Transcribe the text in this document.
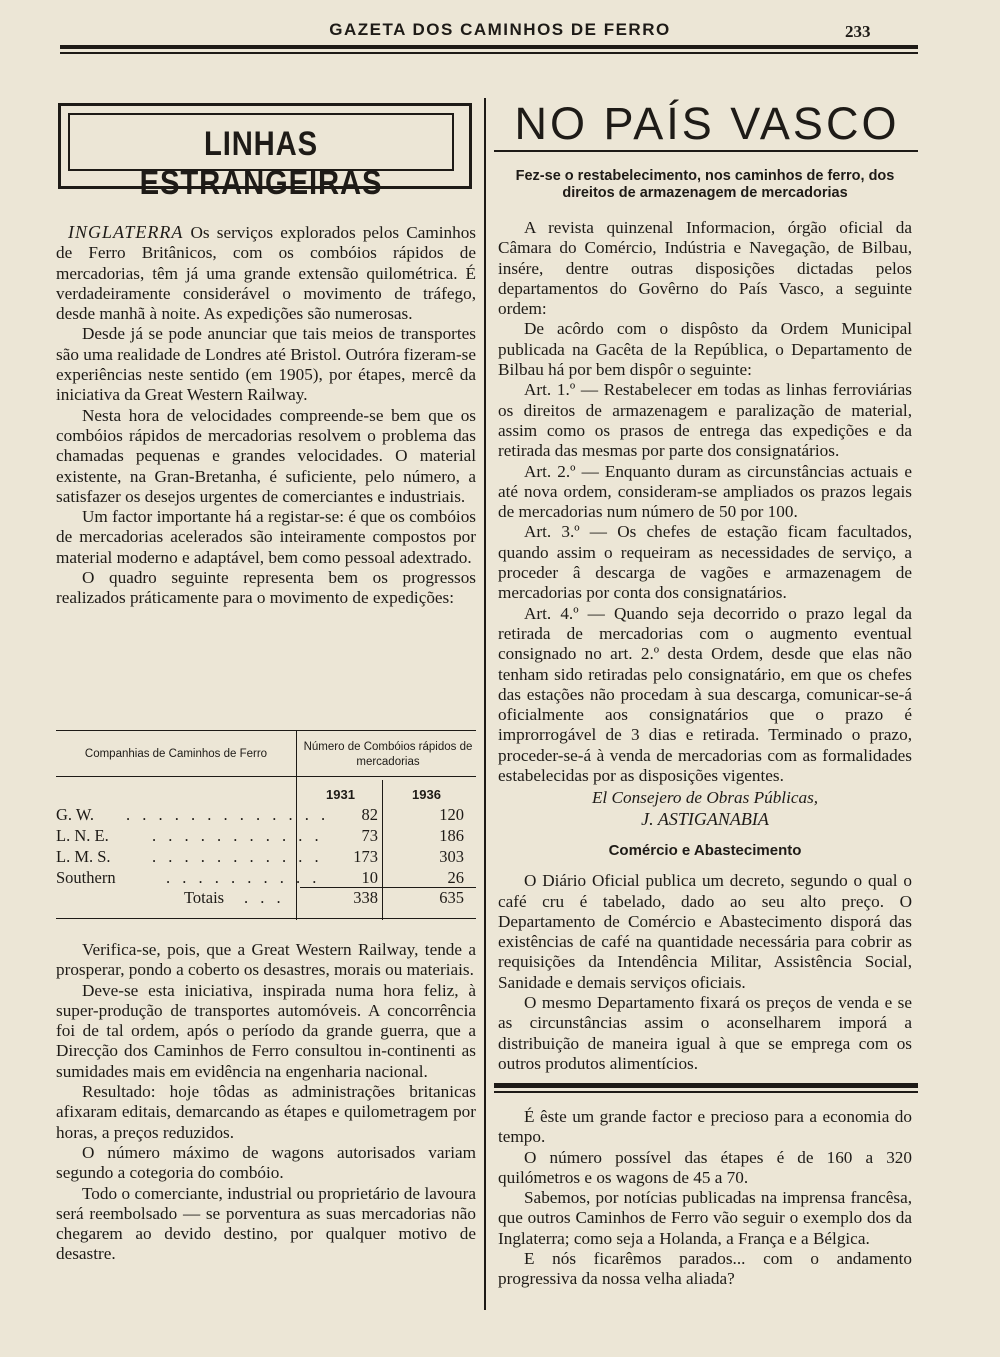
GAZETA DOS CAMINHOS DE FERRO	233
LINHAS ESTRANGEIRAS

INGLATERRA Os serviços explorados pelos Caminhos de Ferro Britânicos, com os combóios rápidos de mercadorias, têm já uma grande extensão quilométrica. É verdadeiramente considerável o movimento de tráfego, desde manhã à noite. As expedições são numerosas.

Desde já se pode anunciar que tais meios de transportes são uma realidade de Londres até Bristol. Outróra fizeram-se experiências neste sentido (em 1905), por étapes, mercê da iniciativa da Great Western Railway.

Nesta hora de velocidades compreende-se bem que os combóios rápidos de mercadorias resolvem o problema das chamadas pequenas e grandes velocidades. O material existente, na Gran-Bretanha, é suficiente, pelo número, a satisfazer os desejos urgentes de comerciantes e industriais.

Um factor importante há a registar-se: é que os combóios de mercadorias acelerados são inteiramente compostos por material moderno e adaptável, bem como pessoal adextrado.

O quadro seguinte representa bem os progressos realizados práticamente para o movimento de expedições:

Companhias de Caminhos de Ferro
Número de Combóios rápidos de mercadorias
1931	1936
G. W. . . . . . . . . . . . . .	82	120
L. N. E.	. . . . . . . . . . .	73	186
L. M. S.	. . . . . . . . . . .	173	303
Southern	. . . . . . . . . .	10	26
Totais . . .	338	635

Verifica-se, pois, que a Great Western Railway, tende a prosperar, pondo a coberto os desastres, morais ou materiais.

Deve-se esta iniciativa, inspirada numa hora feliz, à super-produção de transportes automóveis. A concorrência foi de tal ordem, após o período da grande guerra, que a Direcção dos Caminhos de Ferro consultou in-continenti as sumidades mais em evidência na engenharia nacional.

Resultado: hoje tôdas as administrações britanicas afixaram editais, demarcando as étapes e quilometragem por horas, a preços reduzidos.

O número máximo de wagons autorisados variam segundo a cotegoria do combóio.

Todo o comerciante, industrial ou proprietário de lavoura será reembolsado — se porventura as suas mercadorias não chegarem ao devido destino, por qualquer motivo de desastre.

NO PAÍS VASCO
Fez-se o restabelecimento, nos caminhos de ferro, dos direitos de armazenagem de mercadorias

A revista quinzenal Informacion, órgão oficial da Câmara do Comércio, Indústria e Navegação, de Bilbau, insére, dentre outras disposições dictadas pelos departamentos do Govêrno do País Vasco, a seguinte ordem:

De acôrdo com o dispôsto da Ordem Municipal publicada na Gacêta de la República, o Departamento de Bilbau há por bem dispôr o seguinte:

Art. 1.º — Restabelecer em todas as linhas ferroviárias os direitos de armazenagem e paralização de material, assim como os prasos de entrega das expedições e da retirada das mesmas por parte dos consignatários.

Art. 2.º — Enquanto duram as circunstâncias actuais e até nova ordem, consideram-se ampliados os prazos legais de mercadorias num número de 50 por 100.

Art. 3.º — Os chefes de estação ficam facultados, quando assim o requeiram as necessidades de serviço, a proceder â descarga de vagões e armazenagem de mercadorias por conta dos consignatários.

Art. 4.º — Quando seja decorrido o prazo legal da retirada de mercadorias com o augmento eventual consignado no art. 2.º desta Ordem, desde que elas não tenham sido retiradas pelo consignatário, em que os chefes das estações não procedam à sua descarga, comunicar-se-á oficialmente aos consignatários que o prazo é improrrogável de 3 dias e retirada. Terminado o prazo, proceder-se-á à venda de mercadorias com as formalidades estabelecidas por as disposições vigentes.

El Consejero de Obras Públicas,

J. ASTIGANABIA

Comércio e Abastecimento

O Diário Oficial publica um decreto, segundo o qual o café cru é tabelado, dado ao seu alto preço. O Departamento de Comércio e Abastecimento disporá das existências de café na quantidade necessária para cobrir as requisições da Intendência Militar, Assistência Social, Sanidade e demais serviços oficiais.

O mesmo Departamento fixará os preços de venda e se as circunstâncias assim o aconselharem imporá a distribuição de maneira igual à que se emprega com os outros produtos alimentícios.

É êste um grande factor e precioso para a economia do tempo.

O número possível das étapes é de 160 a 320 quilómetros e os wagons de 45 a 70.

Sabemos, por notícias publicadas na imprensa francêsa, que outros Caminhos de Ferro vão seguir o exemplo dos da Inglaterra; como seja a Holanda, a França e a Bélgica.

E nós ficarêmos parados... com o andamento progressiva da nossa velha aliada?
